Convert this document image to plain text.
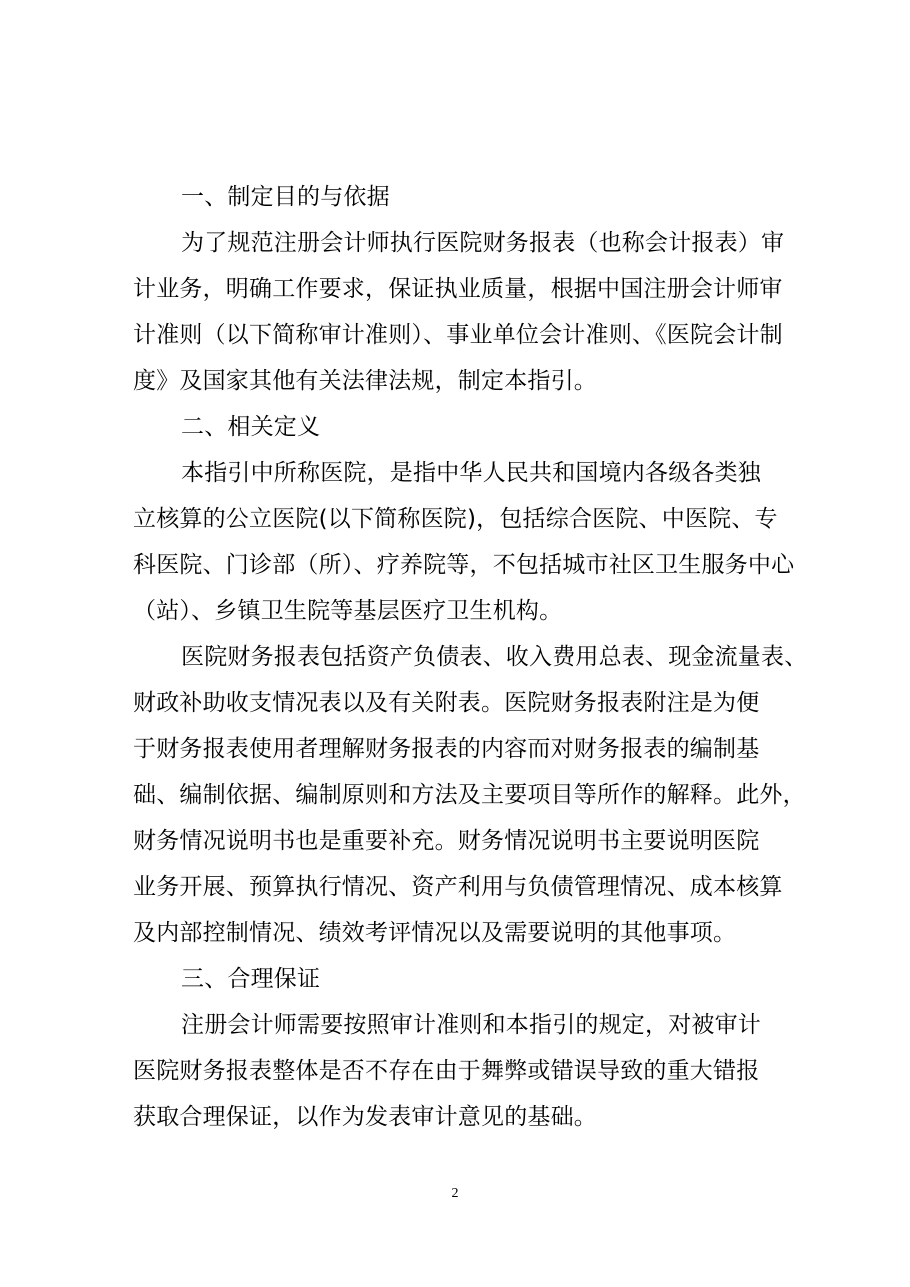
一、制定目的与依据
为了规范注册会计师执行医院财务报表（也称会计报表）审
计业务，明确工作要求，保证执业质量，根据中国注册会计师审
计准则（以下简称审计准则）、事业单位会计准则、《医院会计制
度》及国家其他有关法律法规，制定本指引。
二、相关定义
本指引中所称医院，是指中华人民共和国境内各级各类独
立核算的公立医院(以下简称医院)，包括综合医院、中医院、专
科医院、门诊部（所）、疗养院等，不包括城市社区卫生服务中心
（站）、乡镇卫生院等基层医疗卫生机构。
医院财务报表包括资产负债表、收入费用总表、现金流量表、
财政补助收支情况表以及有关附表。医院财务报表附注是为便
于财务报表使用者理解财务报表的内容而对财务报表的编制基
础、编制依据、编制原则和方法及主要项目等所作的解释。此外，
财务情况说明书也是重要补充。财务情况说明书主要说明医院
业务开展、预算执行情况、资产利用与负债管理情况、成本核算
及内部控制情况、绩效考评情况以及需要说明的其他事项。
三、合理保证
注册会计师需要按照审计准则和本指引的规定，对被审计
医院财务报表整体是否不存在由于舞弊或错误导致的重大错报
获取合理保证，以作为发表审计意见的基础。
2
